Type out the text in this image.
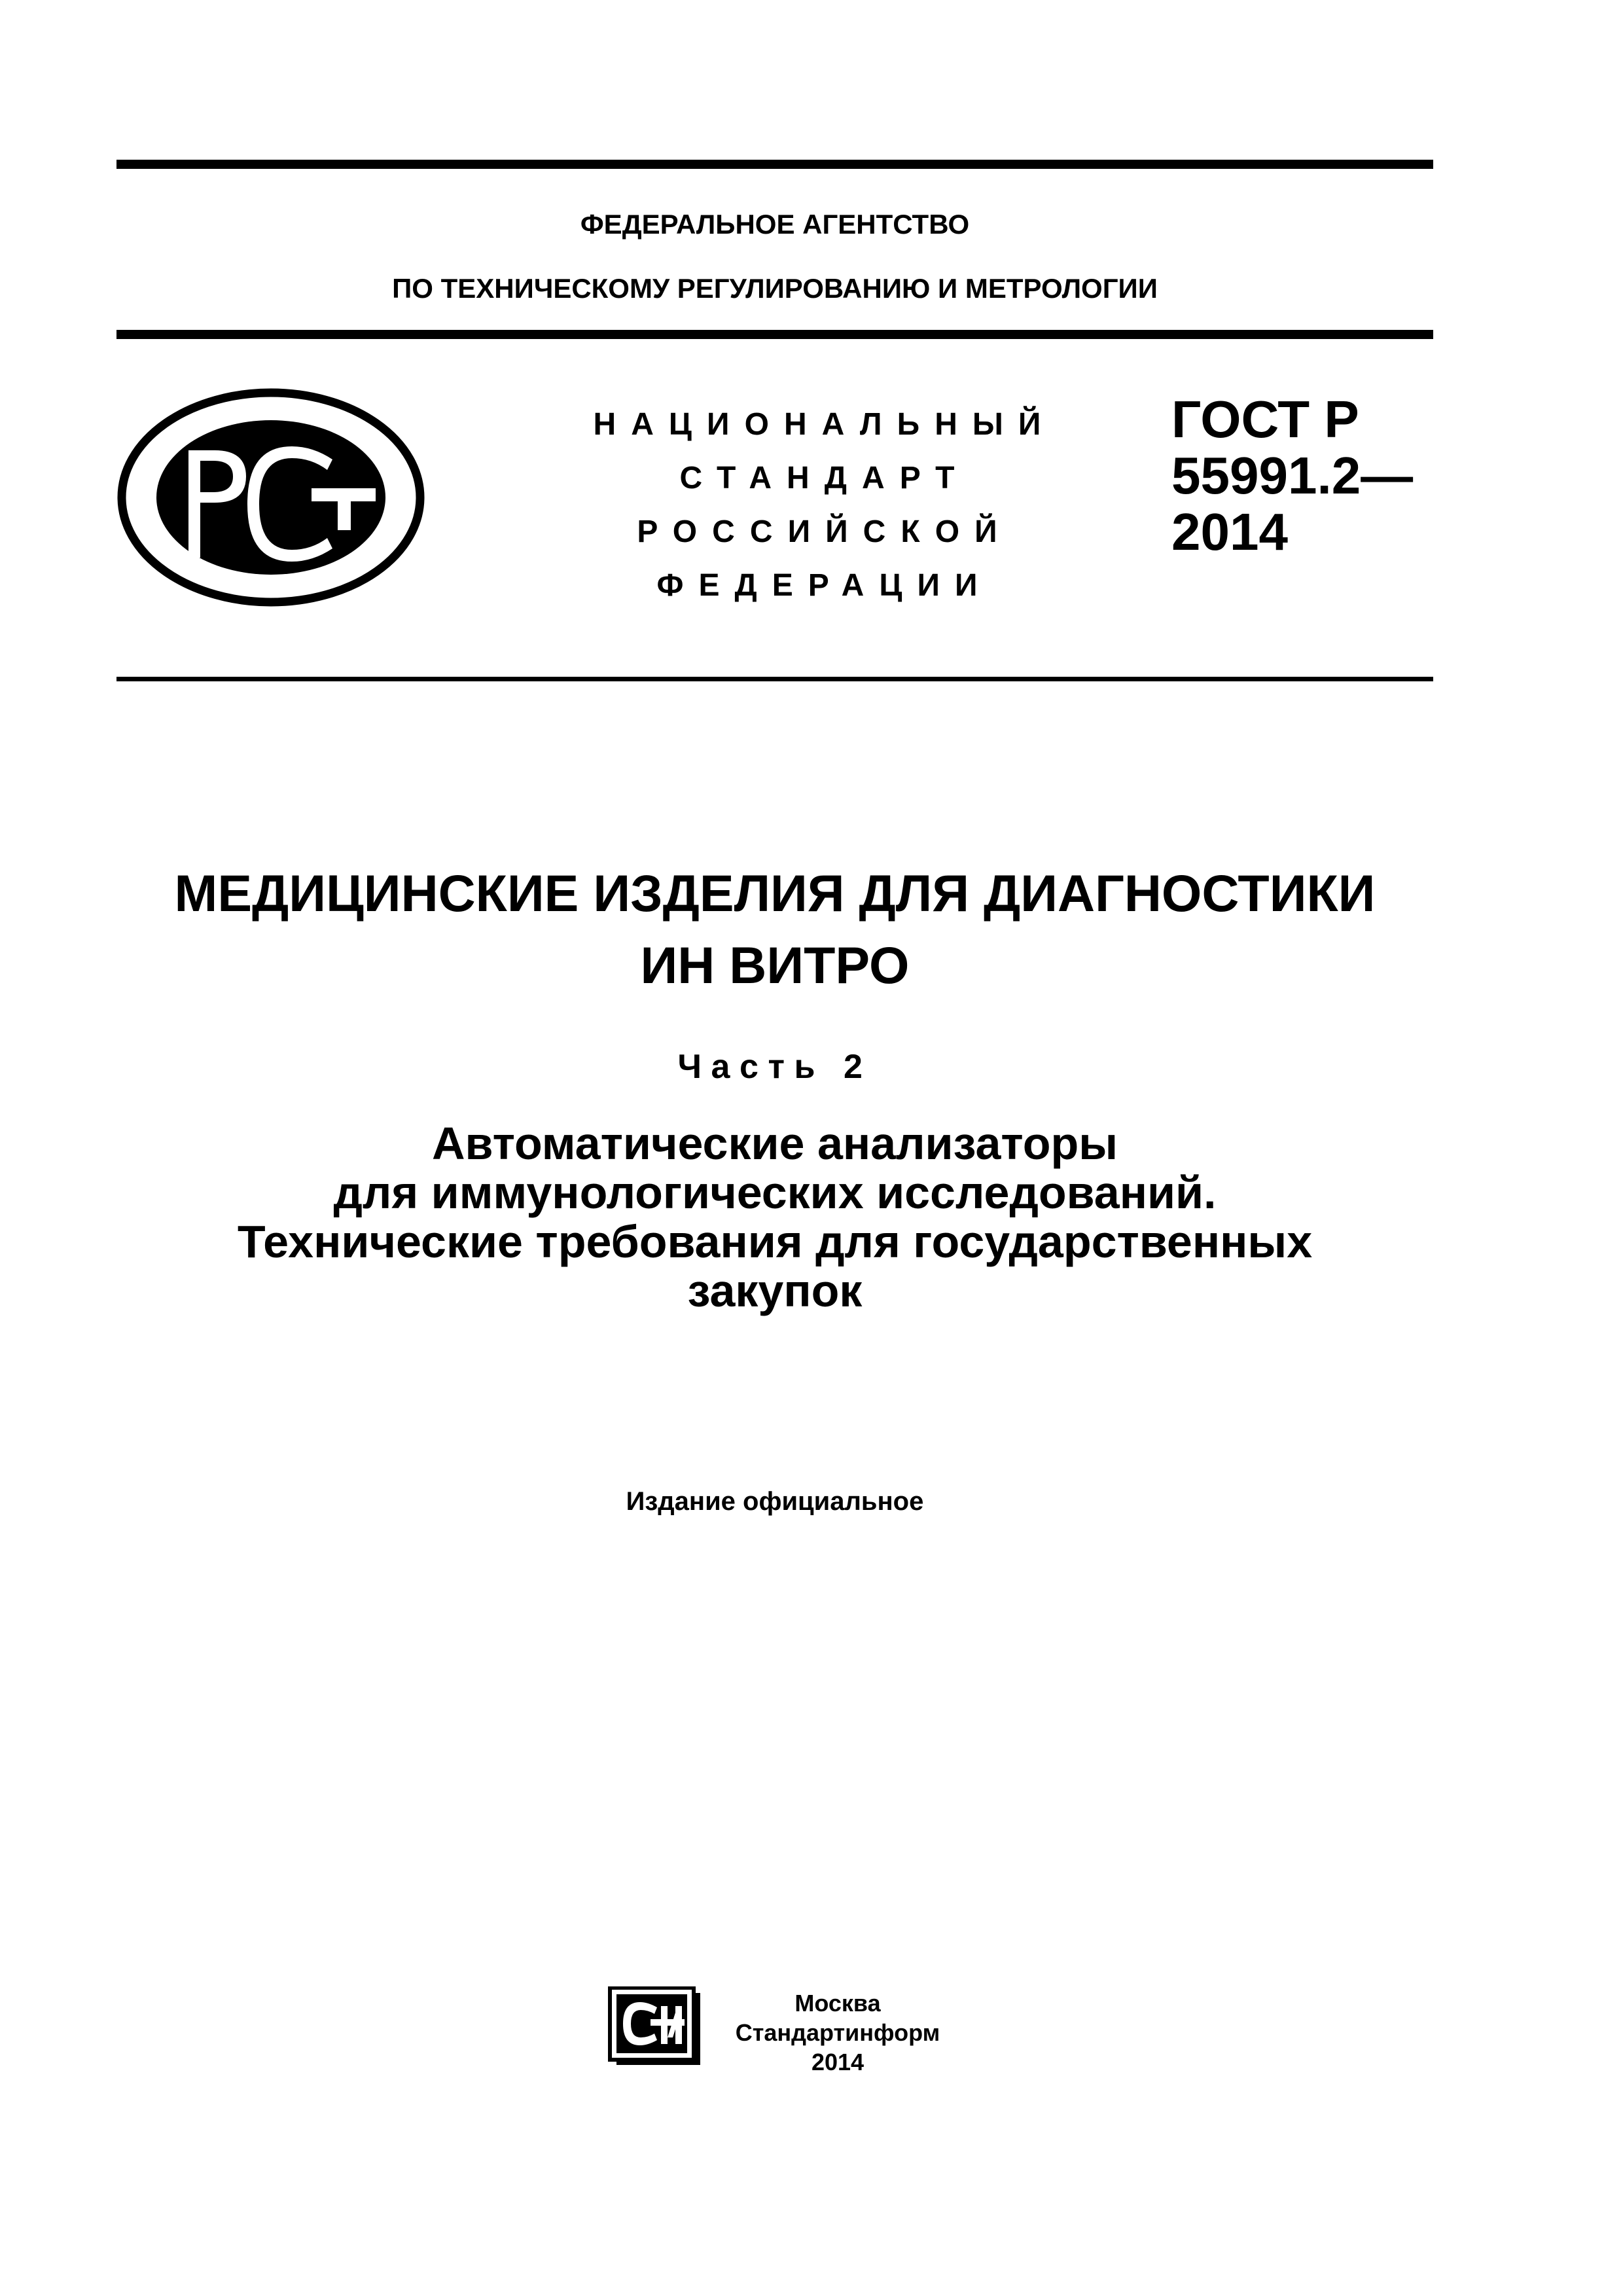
ФЕДЕРАЛЬНОЕ АГЕНТСТВО
ПО ТЕХНИЧЕСКОМУ РЕГУЛИРОВАНИЮ И МЕТРОЛОГИИ
НАЦИОНАЛЬНЫЙ
СТАНДАРТ
РОССИЙСКОЙ
ФЕДЕРАЦИИ
ГОСТ Р
55991.2—
2014
МЕДИЦИНСКИЕ ИЗДЕЛИЯ ДЛЯ ДИАГНОСТИКИ
ИН ВИТРО
Часть 2
Автоматические анализаторы
для иммунологических исследований.
Технические требования для государственных
закупок
Издание официальное
Москва
Стандартинформ
2014
